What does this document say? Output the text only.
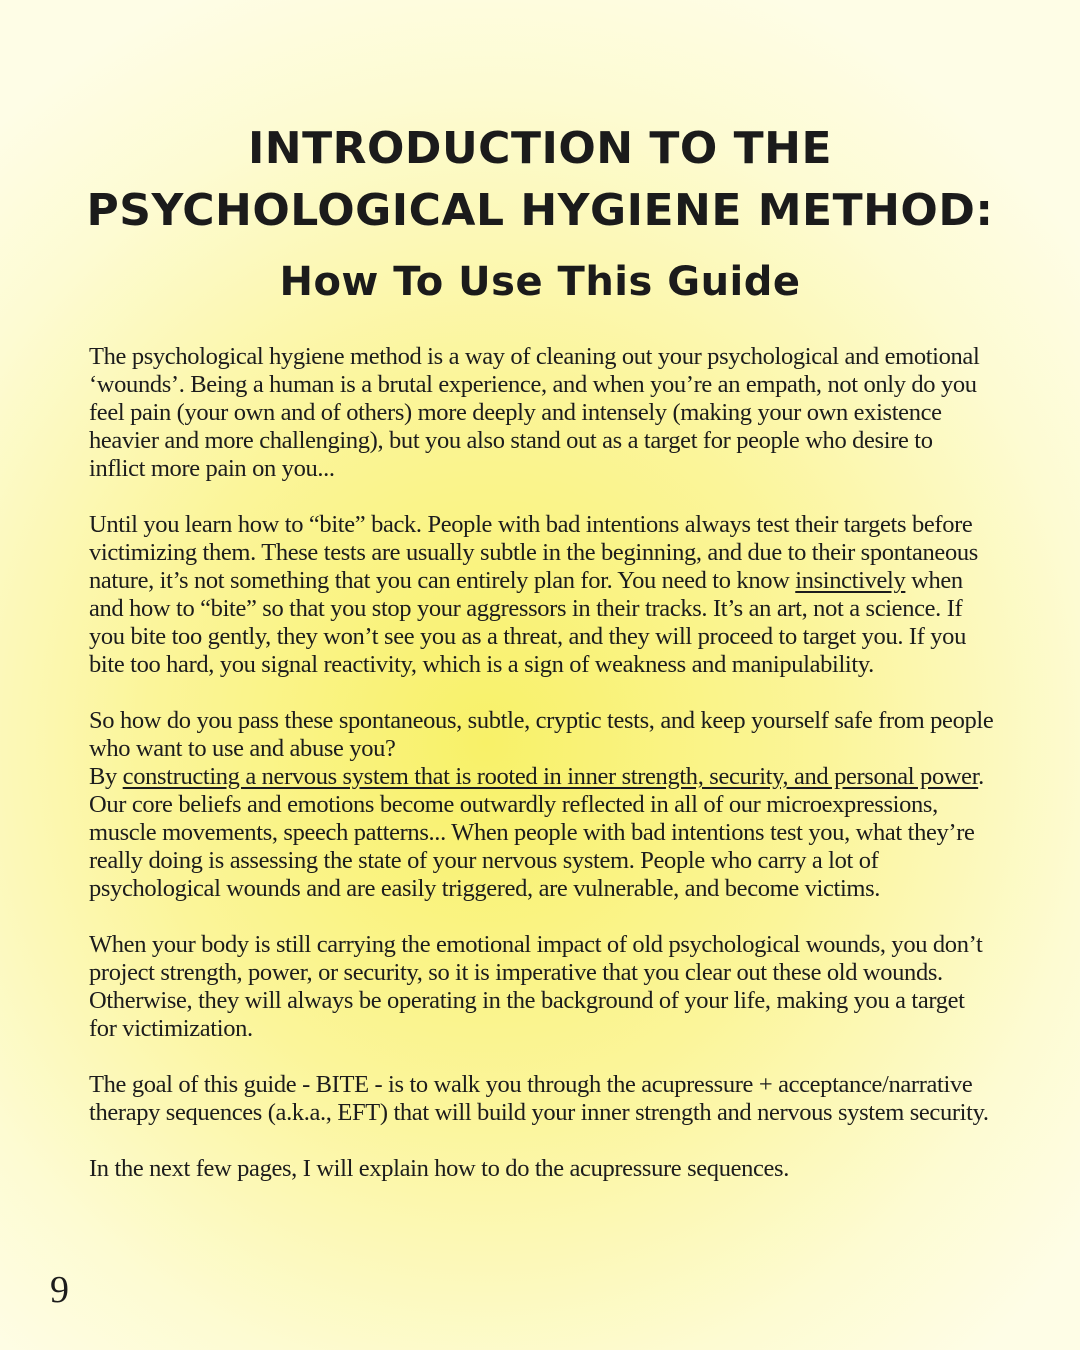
INTRODUCTION TO THE
PSYCHOLOGICAL HYGIENE METHOD:
How To Use This Guide

The psychological hygiene method is a way of cleaning out your psychological and emotional ‘wounds’. Being a human is a brutal experience, and when you’re an empath, not only do you feel pain (your own and of others) more deeply and intensely (making your own existence heavier and more challenging), but you also stand out as a target for people who desire to inflict more pain on you...

Until you learn how to “bite” back. People with bad intentions always test their targets before victimizing them. These tests are usually subtle in the beginning, and due to their spontaneous nature, it’s not something that you can entirely plan for. You need to know insinctively when and how to “bite” so that you stop your aggressors in their tracks. It’s an art, not a science. If you bite too gently, they won’t see you as a threat, and they will proceed to target you. If you bite too hard, you signal reactivity, which is a sign of weakness and manipulability.

So how do you pass these spontaneous, subtle, cryptic tests, and keep yourself safe from people who want to use and abuse you?
By constructing a nervous system that is rooted in inner strength, security, and personal power. Our core beliefs and emotions become outwardly reflected in all of our microexpressions, muscle movements, speech patterns... When people with bad intentions test you, what they’re really doing is assessing the state of your nervous system. People who carry a lot of psychological wounds and are easily triggered, are vulnerable, and become victims.

When your body is still carrying the emotional impact of old psychological wounds, you don’t project strength, power, or security, so it is imperative that you clear out these old wounds. Otherwise, they will always be operating in the background of your life, making you a target for victimization.

The goal of this guide - BITE - is to walk you through the acupressure + acceptance/narrative therapy sequences (a.k.a., EFT) that will build your inner strength and nervous system security.

In the next few pages, I will explain how to do the acupressure sequences.

9
